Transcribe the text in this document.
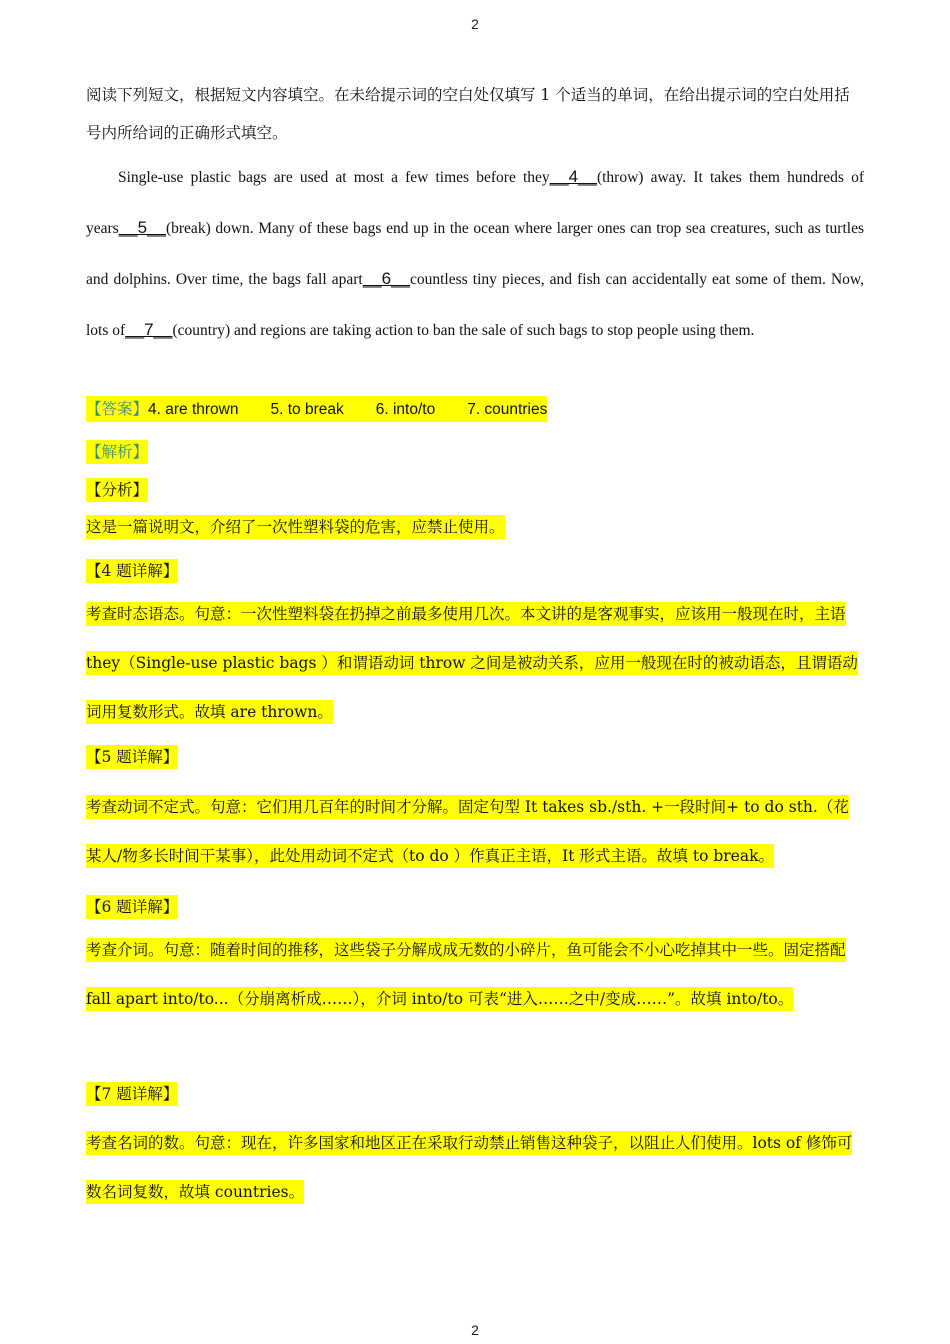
2
阅读下列短文，根据短文内容填空。在未给提示词的空白处仅填写 1 个适当的单词，在给出提示词的空白处用括号内所给词的正确形式填空。
Single-use plastic bags are used at most a few times before they__4__(throw) away. It takes them hundreds of years__5__(break) down. Many of these bags end up in the ocean where larger ones can trop sea creatures, such as turtles and dolphins. Over time, the bags fall apart__6__countless tiny pieces, and fish can accidentally eat some of them. Now, lots of__7__(country) and regions are taking action to ban the sale of such bags to stop people using them.
【答案】4. are thrown 5. to break 6. into/to 7. countries
【解析】
【分析】
这是一篇说明文，介绍了一次性塑料袋的危害，应禁止使用。
【4 题详解】
考查时态语态。句意：一次性塑料袋在扔掉之前最多使用几次。本文讲的是客观事实，应该用一般现在时，主语 they（Single-use plastic bags ）和谓语动词 throw 之间是被动关系，应用一般现在时的被动语态，且谓语动词用复数形式。故填 are thrown。
【5 题详解】
考查动词不定式。句意：它们用几百年的时间才分解。固定句型 It takes sb./sth. +一段时间+ to do sth.（花某人/物多长时间干某事），此处用动词不定式（to do ）作真正主语，It 形式主语。故填 to break。
【6 题详解】
考查介词。句意：随着时间的推移，这些袋子分解成成无数的小碎片，鱼可能会不小心吃掉其中一些。固定搭配 fall apart into/to...（分崩离析成……），介词 into/to 可表“进入……之中/变成……”。故填 into/to。
【7 题详解】
考查名词的数。句意：现在，许多国家和地区正在采取行动禁止销售这种袋子，以阻止人们使用。lots of 修饰可数名词复数，故填 countries。
2
